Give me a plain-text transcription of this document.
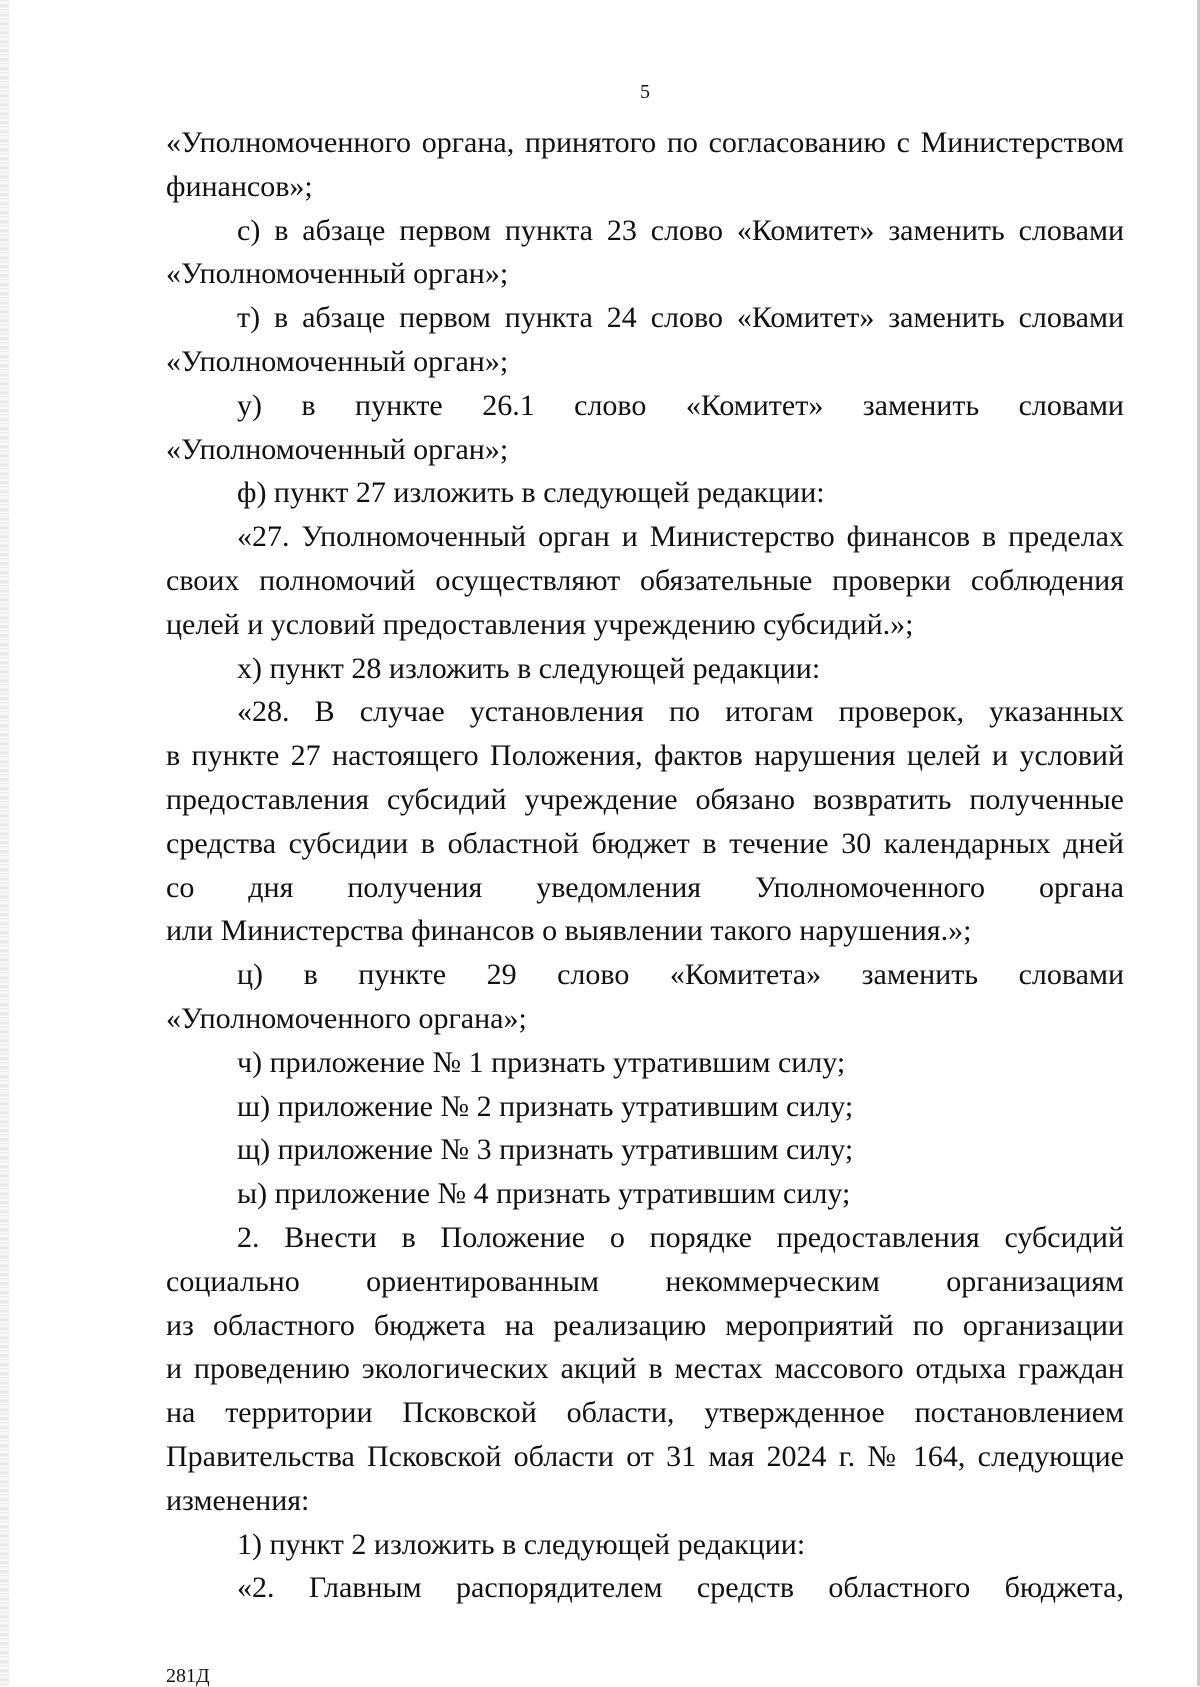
5
«Уполномоченного органа, принятого по согласованию с Министерством
финансов»;
с) в абзаце первом пункта 23 слово «Комитет» заменить словами
«Уполномоченный орган»;
т) в абзаце первом пункта 24 слово «Комитет» заменить словами
«Уполномоченный орган»;
у) в пункте 26.1 слово «Комитет» заменить словами
«Уполномоченный орган»;
ф) пункт 27 изложить в следующей редакции:
«27. Уполномоченный орган и Министерство финансов в пределах
своих полномочий осуществляют обязательные проверки соблюдения
целей и условий предоставления учреждению субсидий.»;
х) пункт 28 изложить в следующей редакции:
«28. В случае установления по итогам проверок, указанных
в пункте 27 настоящего Положения, фактов нарушения целей и условий
предоставления субсидий учреждение обязано возвратить полученные
средства субсидии в областной бюджет в течение 30 календарных дней
со дня получения уведомления Уполномоченного органа
или Министерства финансов о выявлении такого нарушения.»;
ц) в пункте 29 слово «Комитета» заменить словами
«Уполномоченного органа»;
ч) приложение № 1 признать утратившим силу;
ш) приложение № 2 признать утратившим силу;
щ) приложение № 3 признать утратившим силу;
ы) приложение № 4 признать утратившим силу;
2. Внести в Положение о порядке предоставления субсидий
социально ориентированным некоммерческим организациям
из областного бюджета на реализацию мероприятий по организации
и проведению экологических акций в местах массового отдыха граждан
на территории Псковской области, утвержденное постановлением
Правительства Псковской области от 31 мая 2024 г. № 164, следующие
изменения:
1) пункт 2 изложить в следующей редакции:
«2. Главным распорядителем средств областного бюджета,
281Д
